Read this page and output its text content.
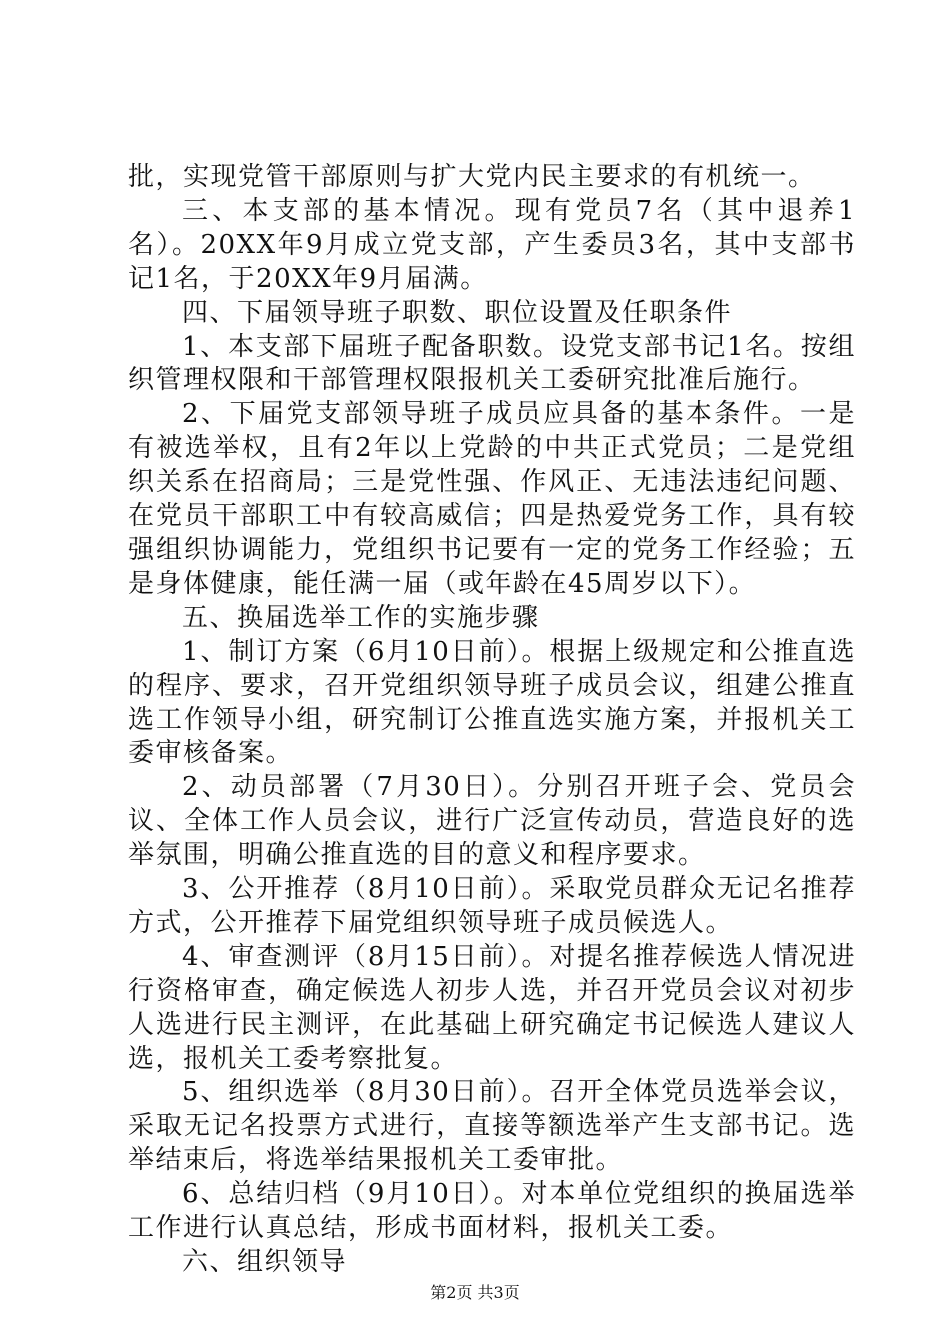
批，实现党管干部原则与扩大党内民主要求的有机统一。

三、本支部的基本情况。现有党员7名（其中退养1名）。20XX年9月成立党支部，产生委员3名，其中支部书记1名，于20XX年9月届满。

四、下届领导班子职数、职位设置及任职条件

1、本支部下届班子配备职数。设党支部书记1名。按组织管理权限和干部管理权限报机关工委研究批准后施行。

2、下届党支部领导班子成员应具备的基本条件。一是有被选举权，且有2年以上党龄的中共正式党员；二是党组织关系在招商局；三是党性强、作风正、无违法违纪问题、在党员干部职工中有较高威信；四是热爱党务工作，具有较强组织协调能力，党组织书记要有一定的党务工作经验；五是身体健康，能任满一届（或年龄在45周岁以下）。

五、换届选举工作的实施步骤

1、制订方案（6月10日前）。根据上级规定和公推直选的程序、要求，召开党组织领导班子成员会议，组建公推直选工作领导小组，研究制订公推直选实施方案，并报机关工委审核备案。

2、动员部署（7月30日）。分别召开班子会、党员会议、全体工作人员会议，进行广泛宣传动员，营造良好的选举氛围，明确公推直选的目的意义和程序要求。

3、公开推荐（8月10日前）。采取党员群众无记名推荐方式，公开推荐下届党组织领导班子成员候选人。

4、审查测评（8月15日前）。对提名推荐候选人情况进行资格审查，确定候选人初步人选，并召开党员会议对初步人选进行民主测评，在此基础上研究确定书记候选人建议人选，报机关工委考察批复。

5、组织选举（8月30日前）。召开全体党员选举会议，采取无记名投票方式进行，直接等额选举产生支部书记。选举结束后，将选举结果报机关工委审批。

6、总结归档（9月10日）。对本单位党组织的换届选举工作进行认真总结，形成书面材料，报机关工委。

六、组织领导

第2页 共3页
